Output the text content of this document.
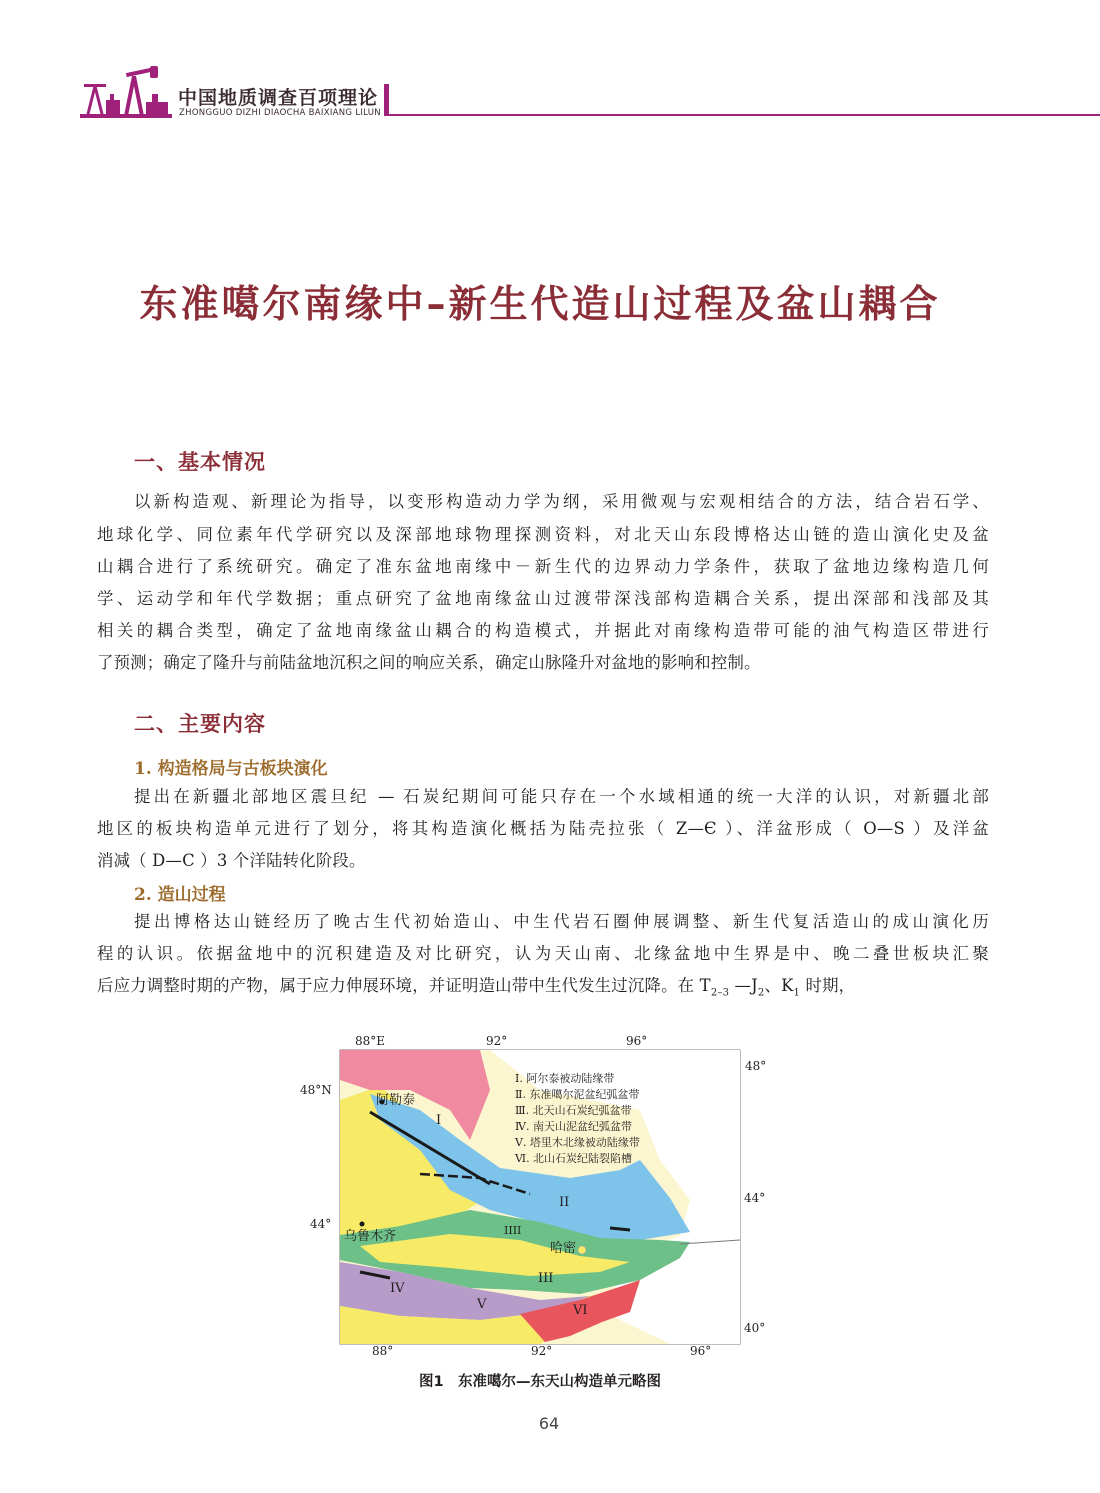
中国地质调查百项理论
ZHONGGUO DIZHI DIAOCHA BAIXIANG LILUN
东准噶尔南缘中–新生代造山过程及盆山耦合
一、基本情况
以新构造观、新理论为指导，以变形构造动力学为纲，采用微观与宏观相结合的方法，结合岩石学、
地球化学、同位素年代学研究以及深部地球物理探测资料，对北天山东段博格达山链的造山演化史及盆
山耦合进行了系统研究。确定了准东盆地南缘中－新生代的边界动力学条件，获取了盆地边缘构造几何
学、运动学和年代学数据；重点研究了盆地南缘盆山过渡带深浅部构造耦合关系，提出深部和浅部及其
相关的耦合类型，确定了盆地南缘盆山耦合的构造模式，并据此对南缘构造带可能的油气构造区带进行
了预测；确定了隆升与前陆盆地沉积之间的响应关系，确定山脉隆升对盆地的影响和控制。
二、主要内容
1. 构造格局与古板块演化
提出在新疆北部地区震旦纪 — 石炭纪期间可能只存在一个水域相通的统一大洋的认识，对新疆北部
地区的板块构造单元进行了划分，将其构造演化概括为陆壳拉张（ Z—Є ）、洋盆形成（ O—S ）及洋盆
消减（ D—C ）3 个洋陆转化阶段。
2. 造山过程
提出博格达山链经历了晚古生代初始造山、中生代岩石圈伸展调整、新生代复活造山的成山演化历
程的认识。依据盆地中的沉积建造及对比研究，认为天山南、北缘盆地中生界是中、晚二叠世板块汇聚
后应力调整时期的产物，属于应力伸展环境，并证明造山带中生代发生过沉降。在 $T_{2-3}$ $—J_2$、$K_1$ 时期，
88°E	92°	96°
48°N
44°
48°
44°
40°
88°	92°	96°
阿勒泰
乌鲁木齐
哈密
I
II
IIII
III
IV
V	VI
Ⅰ. 阿尔泰被动陆缘带
Ⅱ. 东准噶尔泥盆纪弧盆带
Ⅲ. 北天山石炭纪弧盆带
Ⅳ. 南天山泥盆纪弧盆带
Ⅴ. 塔里木北缘被动陆缘带
Ⅵ. 北山石炭纪陆裂陷槽
图1　东准噶尔—东天山构造单元略图
64
